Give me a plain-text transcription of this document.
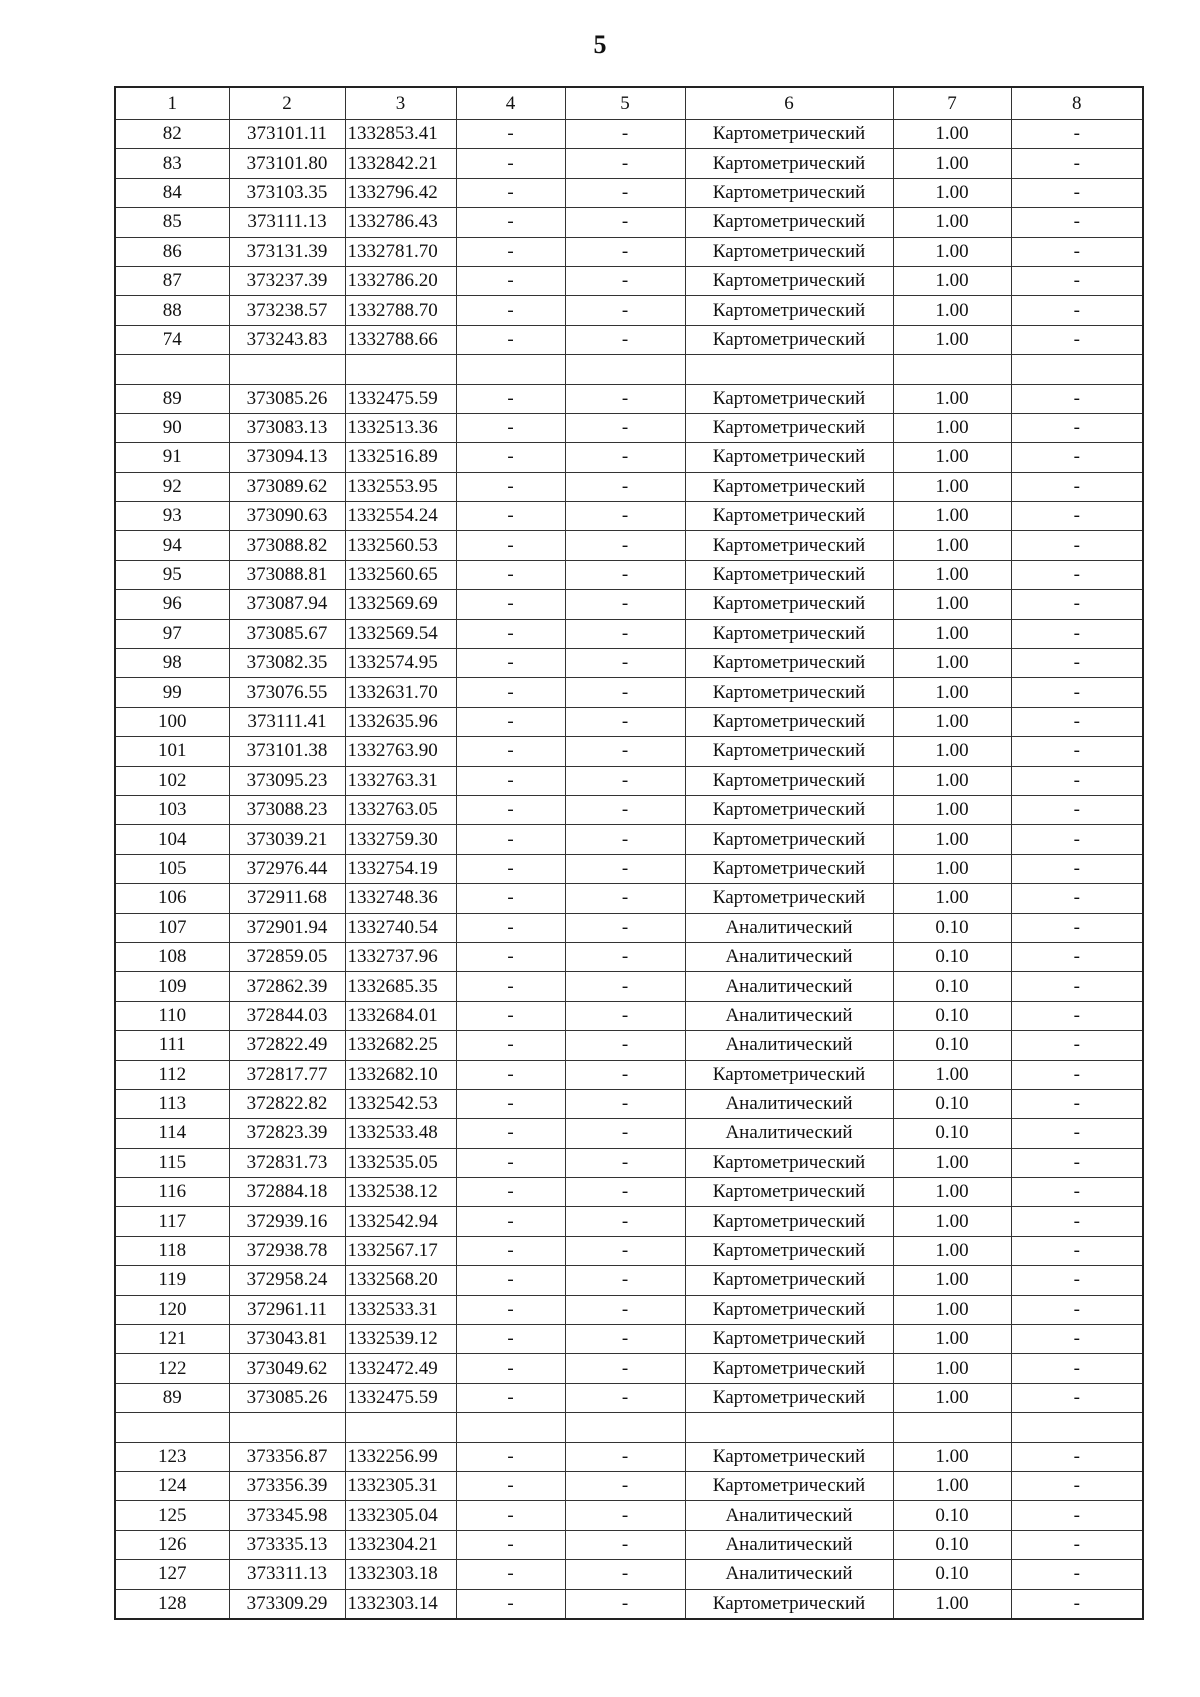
5
1	2	3	4	5	6	7	8
82	373101.11	1332853.41	-	-	Картометрический	1.00	-
83	373101.80	1332842.21	-	-	Картометрический	1.00	-
84	373103.35	1332796.42	-	-	Картометрический	1.00	-
85	373111.13	1332786.43	-	-	Картометрический	1.00	-
86	373131.39	1332781.70	-	-	Картометрический	1.00	-
87	373237.39	1332786.20	-	-	Картометрический	1.00	-
88	373238.57	1332788.70	-	-	Картометрический	1.00	-
74	373243.83	1332788.66	-	-	Картометрический	1.00	-

89	373085.26	1332475.59	-	-	Картометрический	1.00	-
90	373083.13	1332513.36	-	-	Картометрический	1.00	-
91	373094.13	1332516.89	-	-	Картометрический	1.00	-
92	373089.62	1332553.95	-	-	Картометрический	1.00	-
93	373090.63	1332554.24	-	-	Картометрический	1.00	-
94	373088.82	1332560.53	-	-	Картометрический	1.00	-
95	373088.81	1332560.65	-	-	Картометрический	1.00	-
96	373087.94	1332569.69	-	-	Картометрический	1.00	-
97	373085.67	1332569.54	-	-	Картометрический	1.00	-
98	373082.35	1332574.95	-	-	Картометрический	1.00	-
99	373076.55	1332631.70	-	-	Картометрический	1.00	-
100	373111.41	1332635.96	-	-	Картометрический	1.00	-
101	373101.38	1332763.90	-	-	Картометрический	1.00	-
102	373095.23	1332763.31	-	-	Картометрический	1.00	-
103	373088.23	1332763.05	-	-	Картометрический	1.00	-
104	373039.21	1332759.30	-	-	Картометрический	1.00	-
105	372976.44	1332754.19	-	-	Картометрический	1.00	-
106	372911.68	1332748.36	-	-	Картометрический	1.00	-
107	372901.94	1332740.54	-	-	Аналитический	0.10	-
108	372859.05	1332737.96	-	-	Аналитический	0.10	-
109	372862.39	1332685.35	-	-	Аналитический	0.10	-
110	372844.03	1332684.01	-	-	Аналитический	0.10	-
111	372822.49	1332682.25	-	-	Аналитический	0.10	-
112	372817.77	1332682.10	-	-	Картометрический	1.00	-
113	372822.82	1332542.53	-	-	Аналитический	0.10	-
114	372823.39	1332533.48	-	-	Аналитический	0.10	-
115	372831.73	1332535.05	-	-	Картометрический	1.00	-
116	372884.18	1332538.12	-	-	Картометрический	1.00	-
117	372939.16	1332542.94	-	-	Картометрический	1.00	-
118	372938.78	1332567.17	-	-	Картометрический	1.00	-
119	372958.24	1332568.20	-	-	Картометрический	1.00	-
120	372961.11	1332533.31	-	-	Картометрический	1.00	-
121	373043.81	1332539.12	-	-	Картометрический	1.00	-
122	373049.62	1332472.49	-	-	Картометрический	1.00	-
89	373085.26	1332475.59	-	-	Картометрический	1.00	-

123	373356.87	1332256.99	-	-	Картометрический	1.00	-
124	373356.39	1332305.31	-	-	Картометрический	1.00	-
125	373345.98	1332305.04	-	-	Аналитический	0.10	-
126	373335.13	1332304.21	-	-	Аналитический	0.10	-
127	373311.13	1332303.18	-	-	Аналитический	0.10	-
128	373309.29	1332303.14	-	-	Картометрический	1.00	-
